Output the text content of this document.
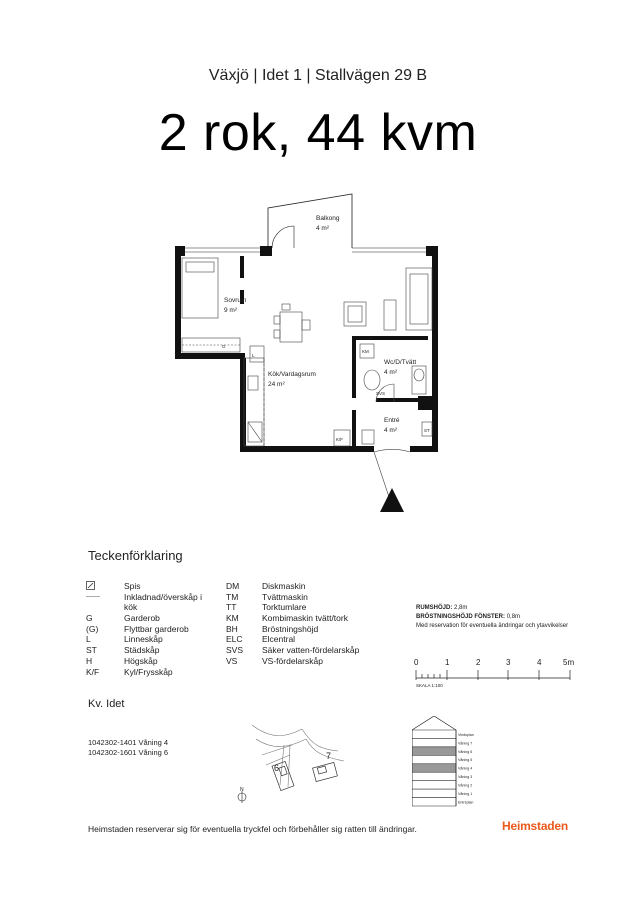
Växjö | Idet 1 | Stallvägen 29 B
2 rok, 44 kvm
Balkong
4 m²
Sovrum
9 m²
Kök/Vardagsrum
24 m²
Wc/D/Tvätt
4 m²
Entré
4 m²
L
G
K/F
KM
SVS
ST
Teckenförklaring
Spis
-------	Inkladnad/överskåp i
kök
G	Garderob
(G)	Flyttbar garderob
L	Linneskåp
ST	Städskåp
H	Högskåp
K/F	Kyl/Frysskåp
DM	Diskmaskin
TM	Tvättmaskin
TT	Torktumlare
KM	Kombimaskin tvätt/tork
BH	Bröstningshöjd
ELC	Elcentral
SVS	Säker vatten-fördelarskåp
VS	VS-fördelarskåp
RUMSHÖJD: 2,8m
BRÖSTNINGSHÖJD FÖNSTER: 0,8m
Med reservation för eventuella ändringar och ytavvikelser
0	1	2	3	4	5m
SKALA 1:100
Kv. Idet
1042302-1401 Våning 4
1042302-1601 Våning 6
6
7
N
Vindsplan
Våning 7
Våning 6
Våning 5
Våning 4
Våning 3
Våning 2
Våning 1
Entréplan
Heimstaden reserverar sig för eventuella tryckfel och förbehåller sig ratten till ändringar.	Heimstaden
